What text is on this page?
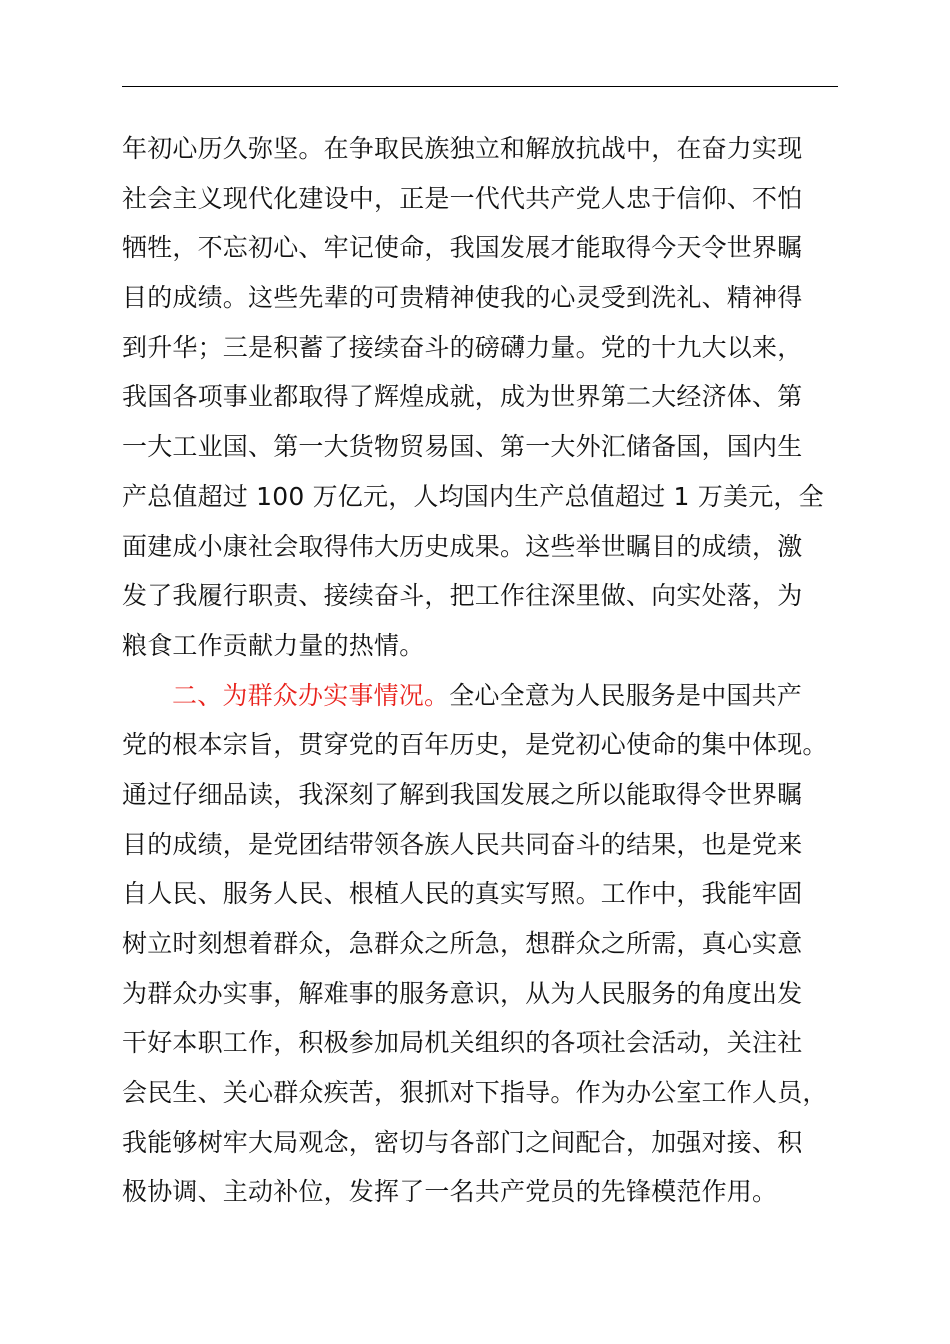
年初心历久弥坚。在争取民族独立和解放抗战中，在奋力实现
社会主义现代化建设中，正是一代代共产党人忠于信仰、不怕
牺牲，不忘初心、牢记使命，我国发展才能取得今天令世界瞩
目的成绩。这些先辈的可贵精神使我的心灵受到洗礼、精神得
到升华；三是积蓄了接续奋斗的磅礴力量。党的十九大以来，
我国各项事业都取得了辉煌成就，成为世界第二大经济体、第
一大工业国、第一大货物贸易国、第一大外汇储备国，国内生
产总值超过 100 万亿元，人均国内生产总值超过 1 万美元，全
面建成小康社会取得伟大历史成果。这些举世瞩目的成绩，激
发了我履行职责、接续奋斗，把工作往深里做、向实处落，为
粮食工作贡献力量的热情。
二、为群众办实事情况。全心全意为人民服务是中国共产
党的根本宗旨，贯穿党的百年历史，是党初心使命的集中体现。
通过仔细品读，我深刻了解到我国发展之所以能取得令世界瞩
目的成绩，是党团结带领各族人民共同奋斗的结果，也是党来
自人民、服务人民、根植人民的真实写照。工作中，我能牢固
树立时刻想着群众，急群众之所急，想群众之所需，真心实意
为群众办实事，解难事的服务意识，从为人民服务的角度出发
干好本职工作，积极参加局机关组织的各项社会活动，关注社
会民生、关心群众疾苦，狠抓对下指导。作为办公室工作人员，
我能够树牢大局观念，密切与各部门之间配合，加强对接、积
极协调、主动补位，发挥了一名共产党员的先锋模范作用。
